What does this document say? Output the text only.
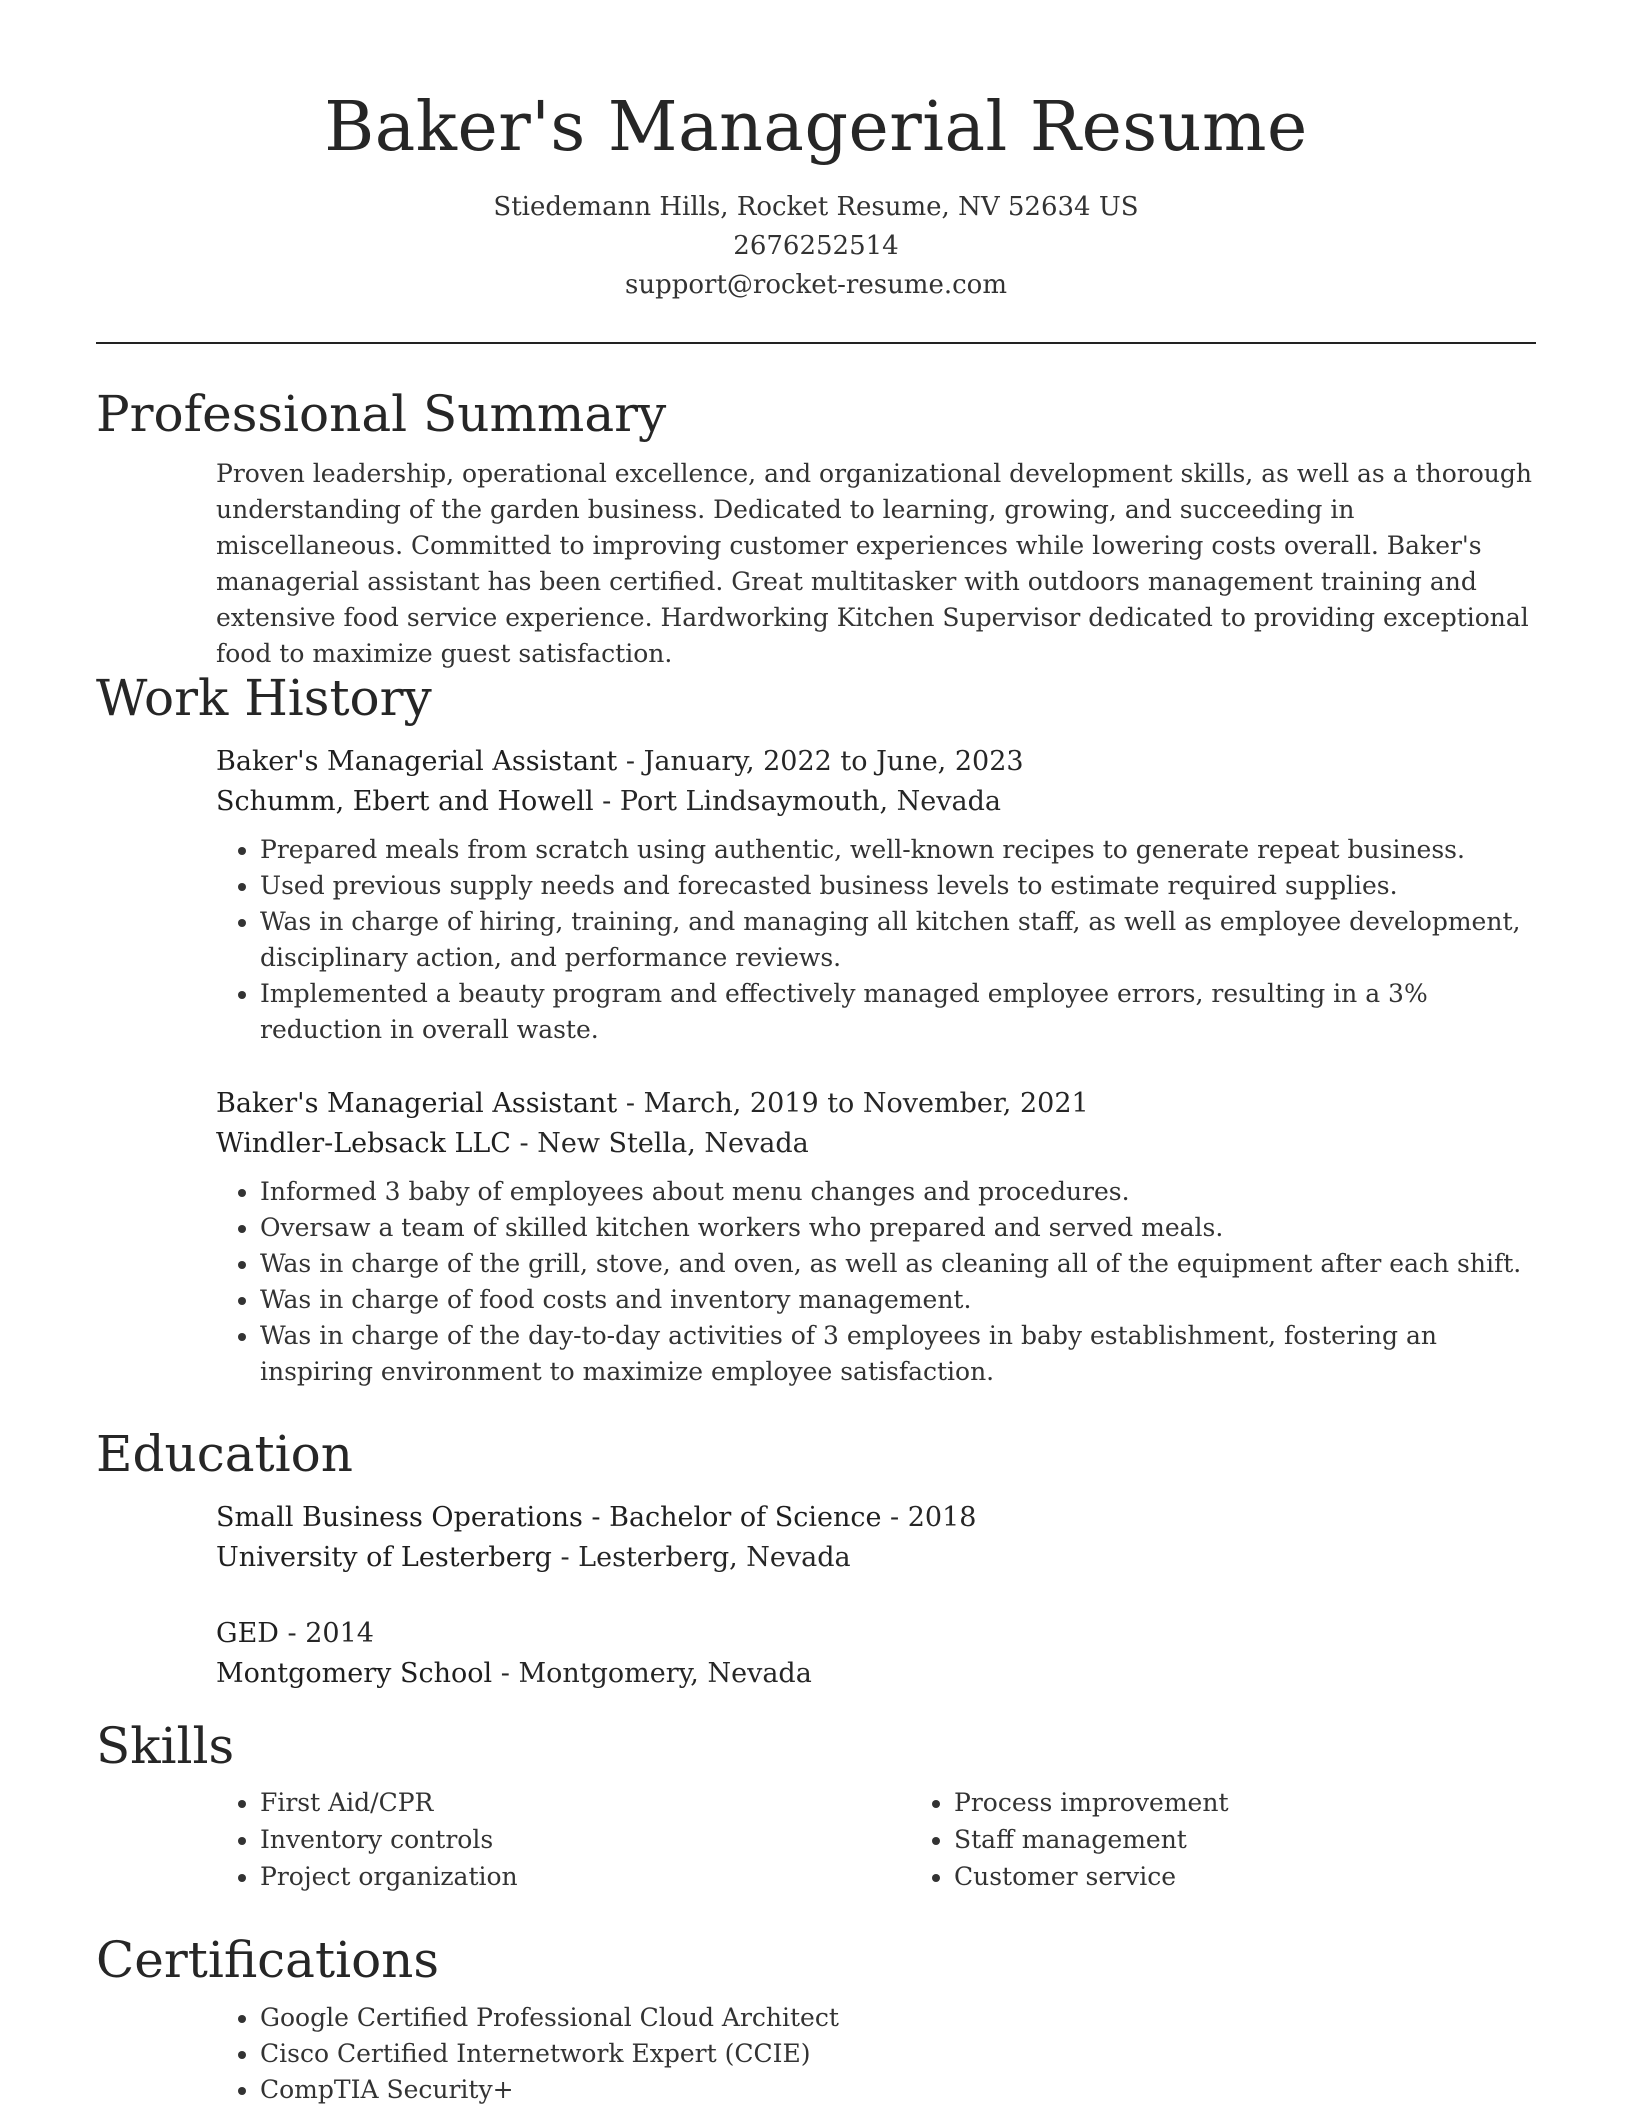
Baker's Managerial Resume
Stiedemann Hills, Rocket Resume, NV 52634 US
2676252514
support@rocket-resume.com
Professional Summary
Proven leadership, operational excellence, and organizational development skills, as well as a thorough understanding of the garden business. Dedicated to learning, growing, and succeeding in miscellaneous. Committed to improving customer experiences while lowering costs overall. Baker's managerial assistant has been certified. Great multitasker with outdoors management training and extensive food service experience. Hardworking Kitchen Supervisor dedicated to providing exceptional food to maximize guest satisfaction.
Work History
Baker's Managerial Assistant - January, 2022 to June, 2023
Schumm, Ebert and Howell - Port Lindsaymouth, Nevada
• Prepared meals from scratch using authentic, well-known recipes to generate repeat business.
• Used previous supply needs and forecasted business levels to estimate required supplies.
• Was in charge of hiring, training, and managing all kitchen staff, as well as employee development, disciplinary action, and performance reviews.
• Implemented a beauty program and effectively managed employee errors, resulting in a 3% reduction in overall waste.
Baker's Managerial Assistant - March, 2019 to November, 2021
Windler-Lebsack LLC - New Stella, Nevada
• Informed 3 baby of employees about menu changes and procedures.
• Oversaw a team of skilled kitchen workers who prepared and served meals.
• Was in charge of the grill, stove, and oven, as well as cleaning all of the equipment after each shift.
• Was in charge of food costs and inventory management.
• Was in charge of the day-to-day activities of 3 employees in baby establishment, fostering an inspiring environment to maximize employee satisfaction.
Education
Small Business Operations - Bachelor of Science - 2018
University of Lesterberg - Lesterberg, Nevada
GED - 2014
Montgomery School - Montgomery, Nevada
Skills
• First Aid/CPR
• Inventory controls
• Project organization
• Process improvement
• Staff management
• Customer service
Certifications
• Google Certified Professional Cloud Architect
• Cisco Certified Internetwork Expert (CCIE)
• CompTIA Security+
